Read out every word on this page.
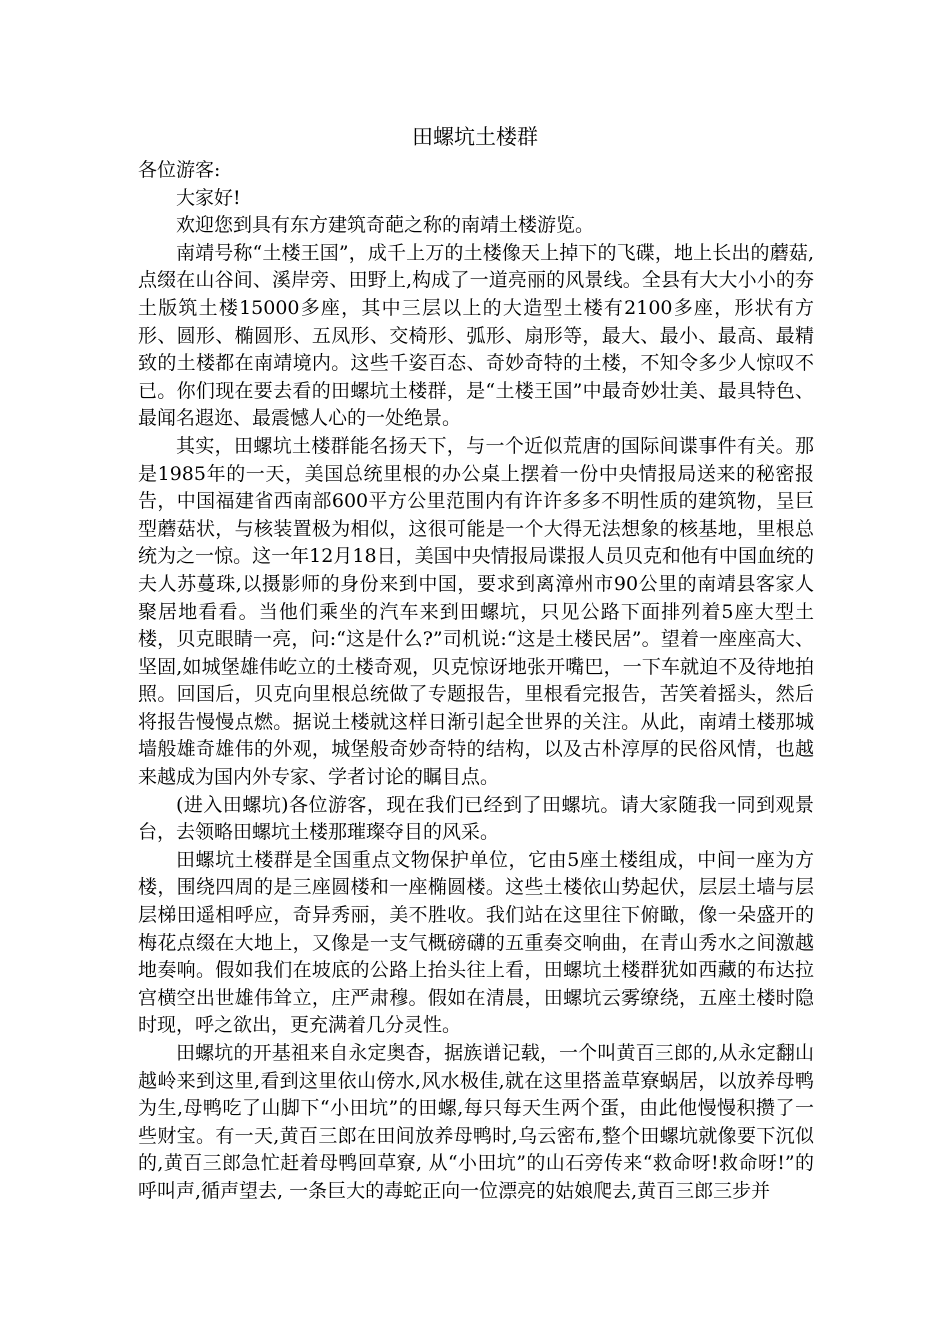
田螺坑土楼群

各位游客:

大家好!

欢迎您到具有东方建筑奇葩之称的南靖土楼游览。

南靖号称“土楼王国”，成千上万的土楼像天上掉下的飞碟，地上长出的蘑菇,点缀在山谷间、溪岸旁、田野上,构成了一道亮丽的风景线。全县有大大小小的夯土版筑土楼15000多座，其中三层以上的大造型土楼有2100多座，形状有方形、圆形、椭圆形、五凤形、交椅形、弧形、扇形等，最大、最小、最高、最精致的土楼都在南靖境内。这些千姿百态、奇妙奇特的土楼，不知令多少人惊叹不已。你们现在要去看的田螺坑土楼群，是“土楼王国”中最奇妙壮美、最具特色、最闻名遐迩、最震憾人心的一处绝景。

其实，田螺坑土楼群能名扬天下，与一个近似荒唐的国际间谍事件有关。那是1985年的一天，美国总统里根的办公桌上摆着一份中央情报局送来的秘密报告，中国福建省西南部600平方公里范围内有许许多多不明性质的建筑物，呈巨型蘑菇状，与核装置极为相似，这很可能是一个大得无法想象的核基地，里根总统为之一惊。这一年12月18日，美国中央情报局谍报人员贝克和他有中国血统的夫人苏蔓珠,以摄影师的身份来到中国，要求到离漳州市90公里的南靖县客家人聚居地看看。当他们乘坐的汽车来到田螺坑，只见公路下面排列着5座大型土楼，贝克眼睛一亮，问:“这是什么?”司机说:“这是土楼民居”。望着一座座高大、坚固,如城堡雄伟屹立的土楼奇观，贝克惊讶地张开嘴巴，一下车就迫不及待地拍照。回国后，贝克向里根总统做了专题报告，里根看完报告，苦笑着摇头，然后将报告慢慢点燃。据说土楼就这样日渐引起全世界的关注。从此，南靖土楼那城墙般雄奇雄伟的外观，城堡般奇妙奇特的结构，以及古朴淳厚的民俗风情，也越来越成为国内外专家、学者讨论的瞩目点。

(进入田螺坑)各位游客，现在我们已经到了田螺坑。请大家随我一同到观景台，去领略田螺坑土楼那璀璨夺目的风采。

田螺坑土楼群是全国重点文物保护单位，它由5座土楼组成，中间一座为方楼，围绕四周的是三座圆楼和一座椭圆楼。这些土楼依山势起伏，层层土墙与层层梯田遥相呼应，奇异秀丽，美不胜收。我们站在这里往下俯瞰，像一朵盛开的梅花点缀在大地上，又像是一支气概磅礴的五重奏交响曲，在青山秀水之间激越地奏响。假如我们在坡底的公路上抬头往上看，田螺坑土楼群犹如西藏的布达拉宫横空出世雄伟耸立，庄严肃穆。假如在清晨，田螺坑云雾缭绕，五座土楼时隐时现，呼之欲出，更充满着几分灵性。

田螺坑的开基祖来自永定奥杳，据族谱记载，一个叫黄百三郎的,从永定翻山越岭来到这里,看到这里依山傍水,风水极佳,就在这里搭盖草寮蜗居，以放养母鸭为生,母鸭吃了山脚下“小田坑”的田螺,每只每天生两个蛋，由此他慢慢积攒了一些财宝。有一天,黄百三郎在田间放养母鸭时,乌云密布,整个田螺坑就像要下沉似的,黄百三郎急忙赶着母鸭回草寮, 从“小田坑”的山石旁传来“救命呀!救命呀!”的呼叫声,循声望去, 一条巨大的毒蛇正向一位漂亮的姑娘爬去,黄百三郎三步并
